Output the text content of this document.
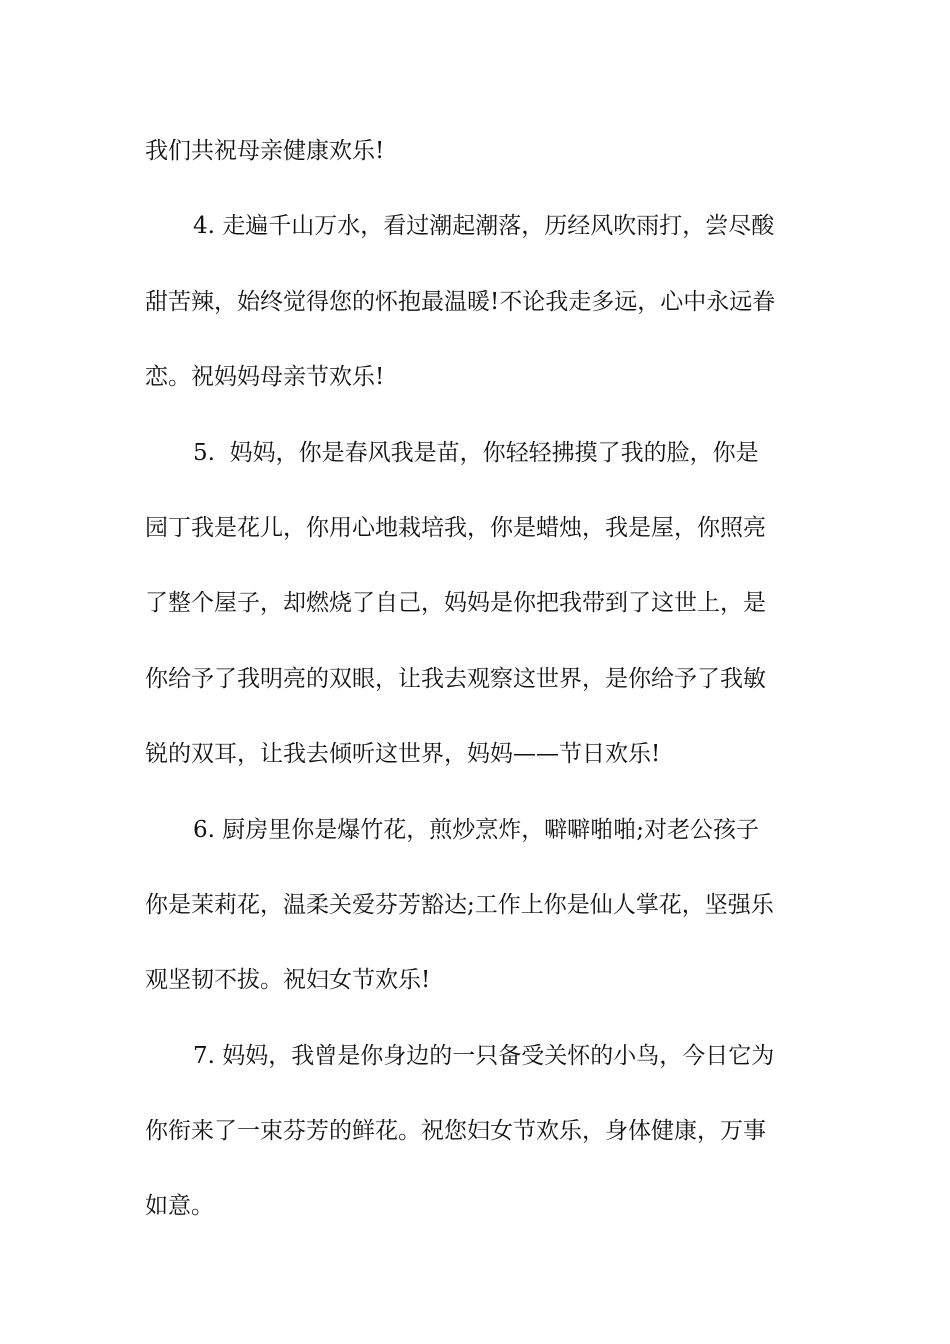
我们共祝母亲健康欢乐!
4. 走遍千山万水，看过潮起潮落，历经风吹雨打，尝尽酸
甜苦辣，始终觉得您的怀抱最温暖!不论我走多远，心中永远眷
恋。祝妈妈母亲节欢乐!
5.  妈妈，你是春风我是苗，你轻轻拂摸了我的脸，你是
园丁我是花儿，你用心地栽培我，你是蜡烛，我是屋，你照亮
了整个屋子，却燃烧了自己，妈妈是你把我带到了这世上，是
你给予了我明亮的双眼，让我去观察这世界，是你给予了我敏
锐的双耳，让我去倾听这世界，妈妈——节日欢乐!
6. 厨房里你是爆竹花，煎炒烹炸，噼噼啪啪;对老公孩子
你是茉莉花，温柔关爱芬芳豁达;工作上你是仙人掌花，坚强乐
观坚韧不拔。祝妇女节欢乐!
7. 妈妈，我曾是你身边的一只备受关怀的小鸟，今日它为
你衔来了一束芬芳的鲜花。祝您妇女节欢乐，身体健康，万事
如意。
